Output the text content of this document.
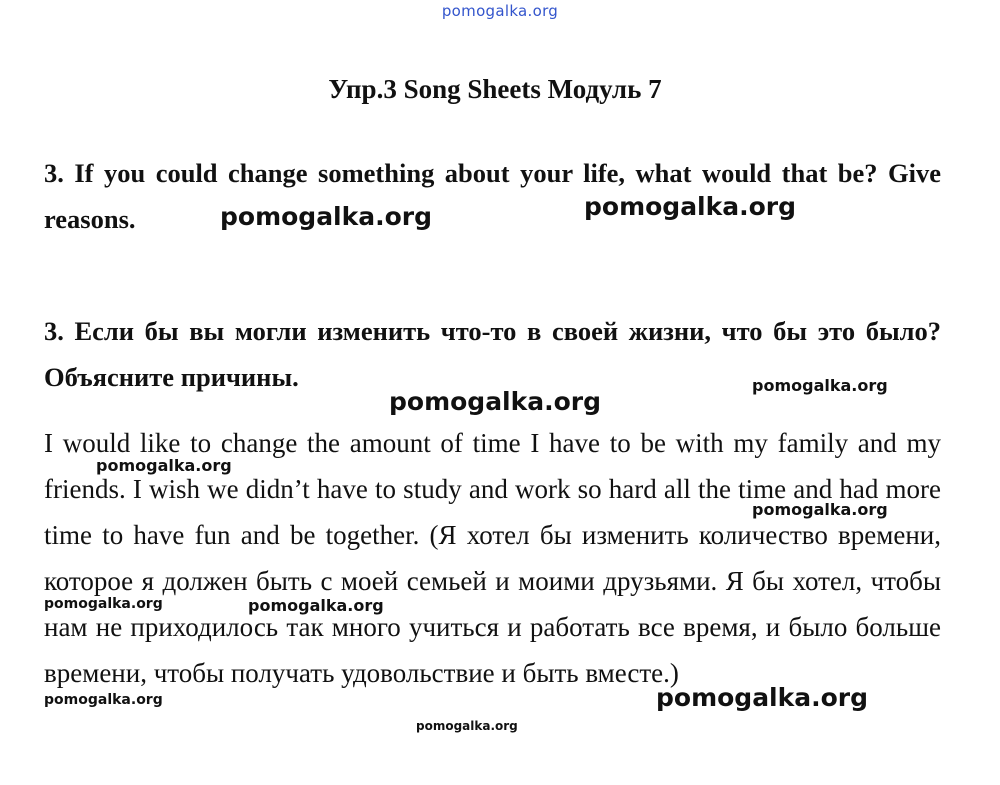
pomogalka.org
Упр.3 Song Sheets Модуль 7

3. If you could change something about your life, what would that be? Give reasons.

3. Если бы вы могли изменить что-то в своей жизни, что бы это было? Объясните причины.

I would like to change the amount of time I have to be with my family and my friends. I wish we didn’t have to study and work so hard all the time and had more time to have fun and be together. (Я хотел бы изменить количество времени, которое я должен быть с моей семьей и моими друзьями. Я бы хотел, чтобы нам не приходилось так много учиться и работать все время, и было больше времени, чтобы получать удовольствие и быть вместе.)

pomogalka.org	pomogalka.org
pomogalka.org
pomogalka.org
pomogalka.org
pomogalka.org
pomogalka.org	pomogalka.org
pomogalka.org	pomogalka.org
pomogalka.org
